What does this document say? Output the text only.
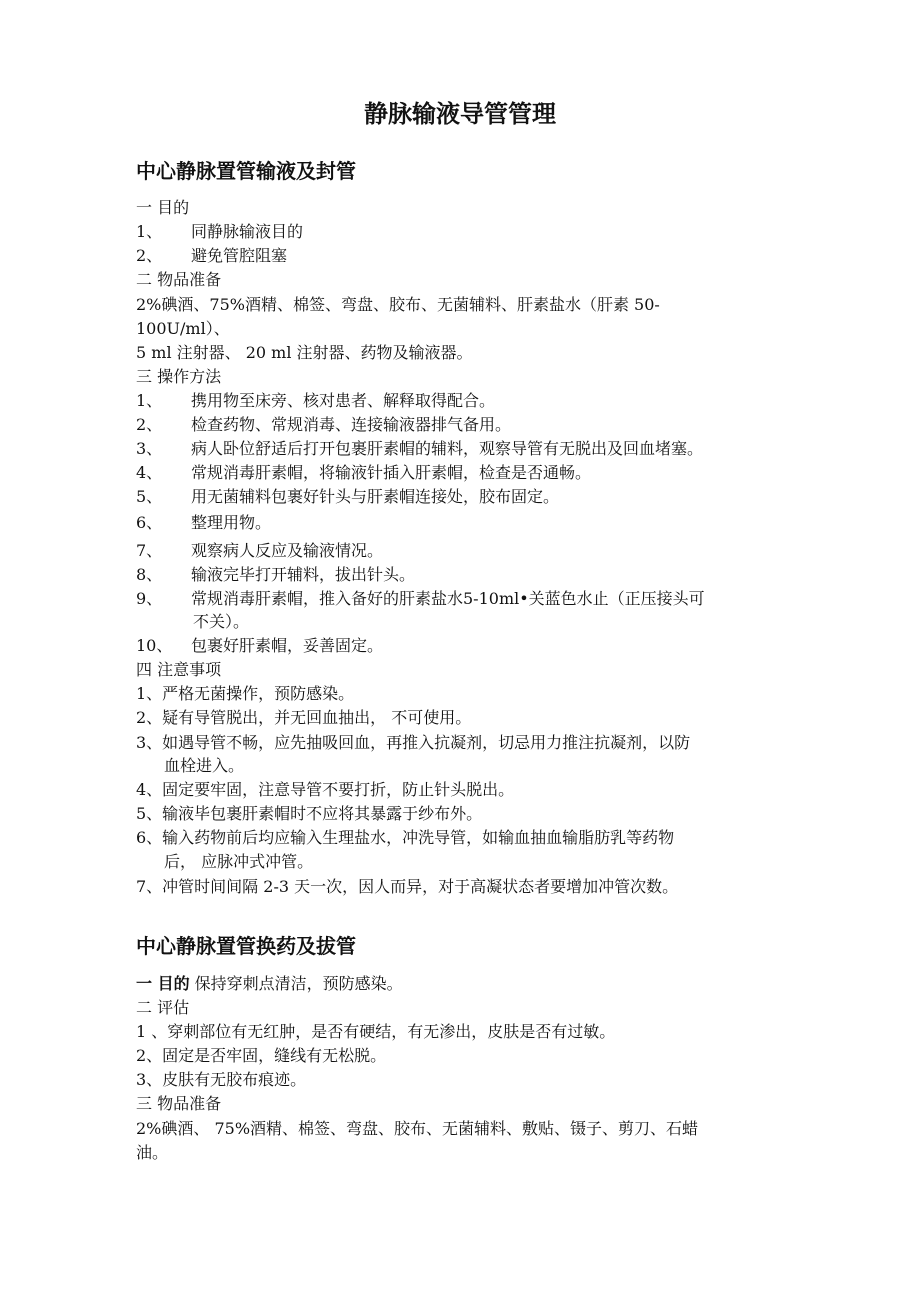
静脉输液导管管理
中心静脉置管输液及封管
一 目的
1、 同静脉输液目的
2、 避免管腔阻塞
二 物品准备
2%碘酒、75%酒精、棉签、弯盘、胶布、无菌辅料、肝素盐水（肝素 50-
100U/ml）、
5 ml 注射器、 20 ml 注射器、药物及输液器。
三 操作方法
1、 携用物至床旁、核对患者、解释取得配合。
2、 检查药物、常规消毒、连接输液器排气备用。
3、 病人卧位舒适后打开包裹肝素帽的辅料，观察导管有无脱出及回血堵塞。
4、 常规消毒肝素帽，将输液针插入肝素帽，检查是否通畅。
5、 用无菌辅料包裹好针头与肝素帽连接处，胶布固定。
6、 整理用物。
7、 观察病人反应及输液情况。
8、 输液完毕打开辅料，拔出针头。
9、 常规消毒肝素帽，推入备好的肝素盐水5-10ml•关蓝色水止（正压接头可
不关）。
10、 包裹好肝素帽，妥善固定。
四 注意事项
1、严格无菌操作，预防感染。
2、疑有导管脱出，并无回血抽出， 不可使用。
3、如遇导管不畅，应先抽吸回血，再推入抗凝剂，切忌用力推注抗凝剂，以防
血栓进入。
4、固定要牢固，注意导管不要打折，防止针头脱出。
5、输液毕包裹肝素帽时不应将其暴露于纱布外。
6、输入药物前后均应输入生理盐水，冲洗导管，如输血抽血输脂肪乳等药物
后， 应脉冲式冲管。
7、冲管时间间隔 2-3 天一次，因人而异，对于高凝状态者要增加冲管次数。
中心静脉置管换药及拔管
一 目的 保持穿刺点清洁，预防感染。
二 评估
1 、穿刺部位有无红肿，是否有硬结，有无渗出，皮肤是否有过敏。
2、固定是否牢固，缝线有无松脱。
3、皮肤有无胶布痕迹。
三 物品准备
2%碘酒、 75%酒精、棉签、弯盘、胶布、无菌辅料、敷贴、镊子、剪刀、石蜡
油。
